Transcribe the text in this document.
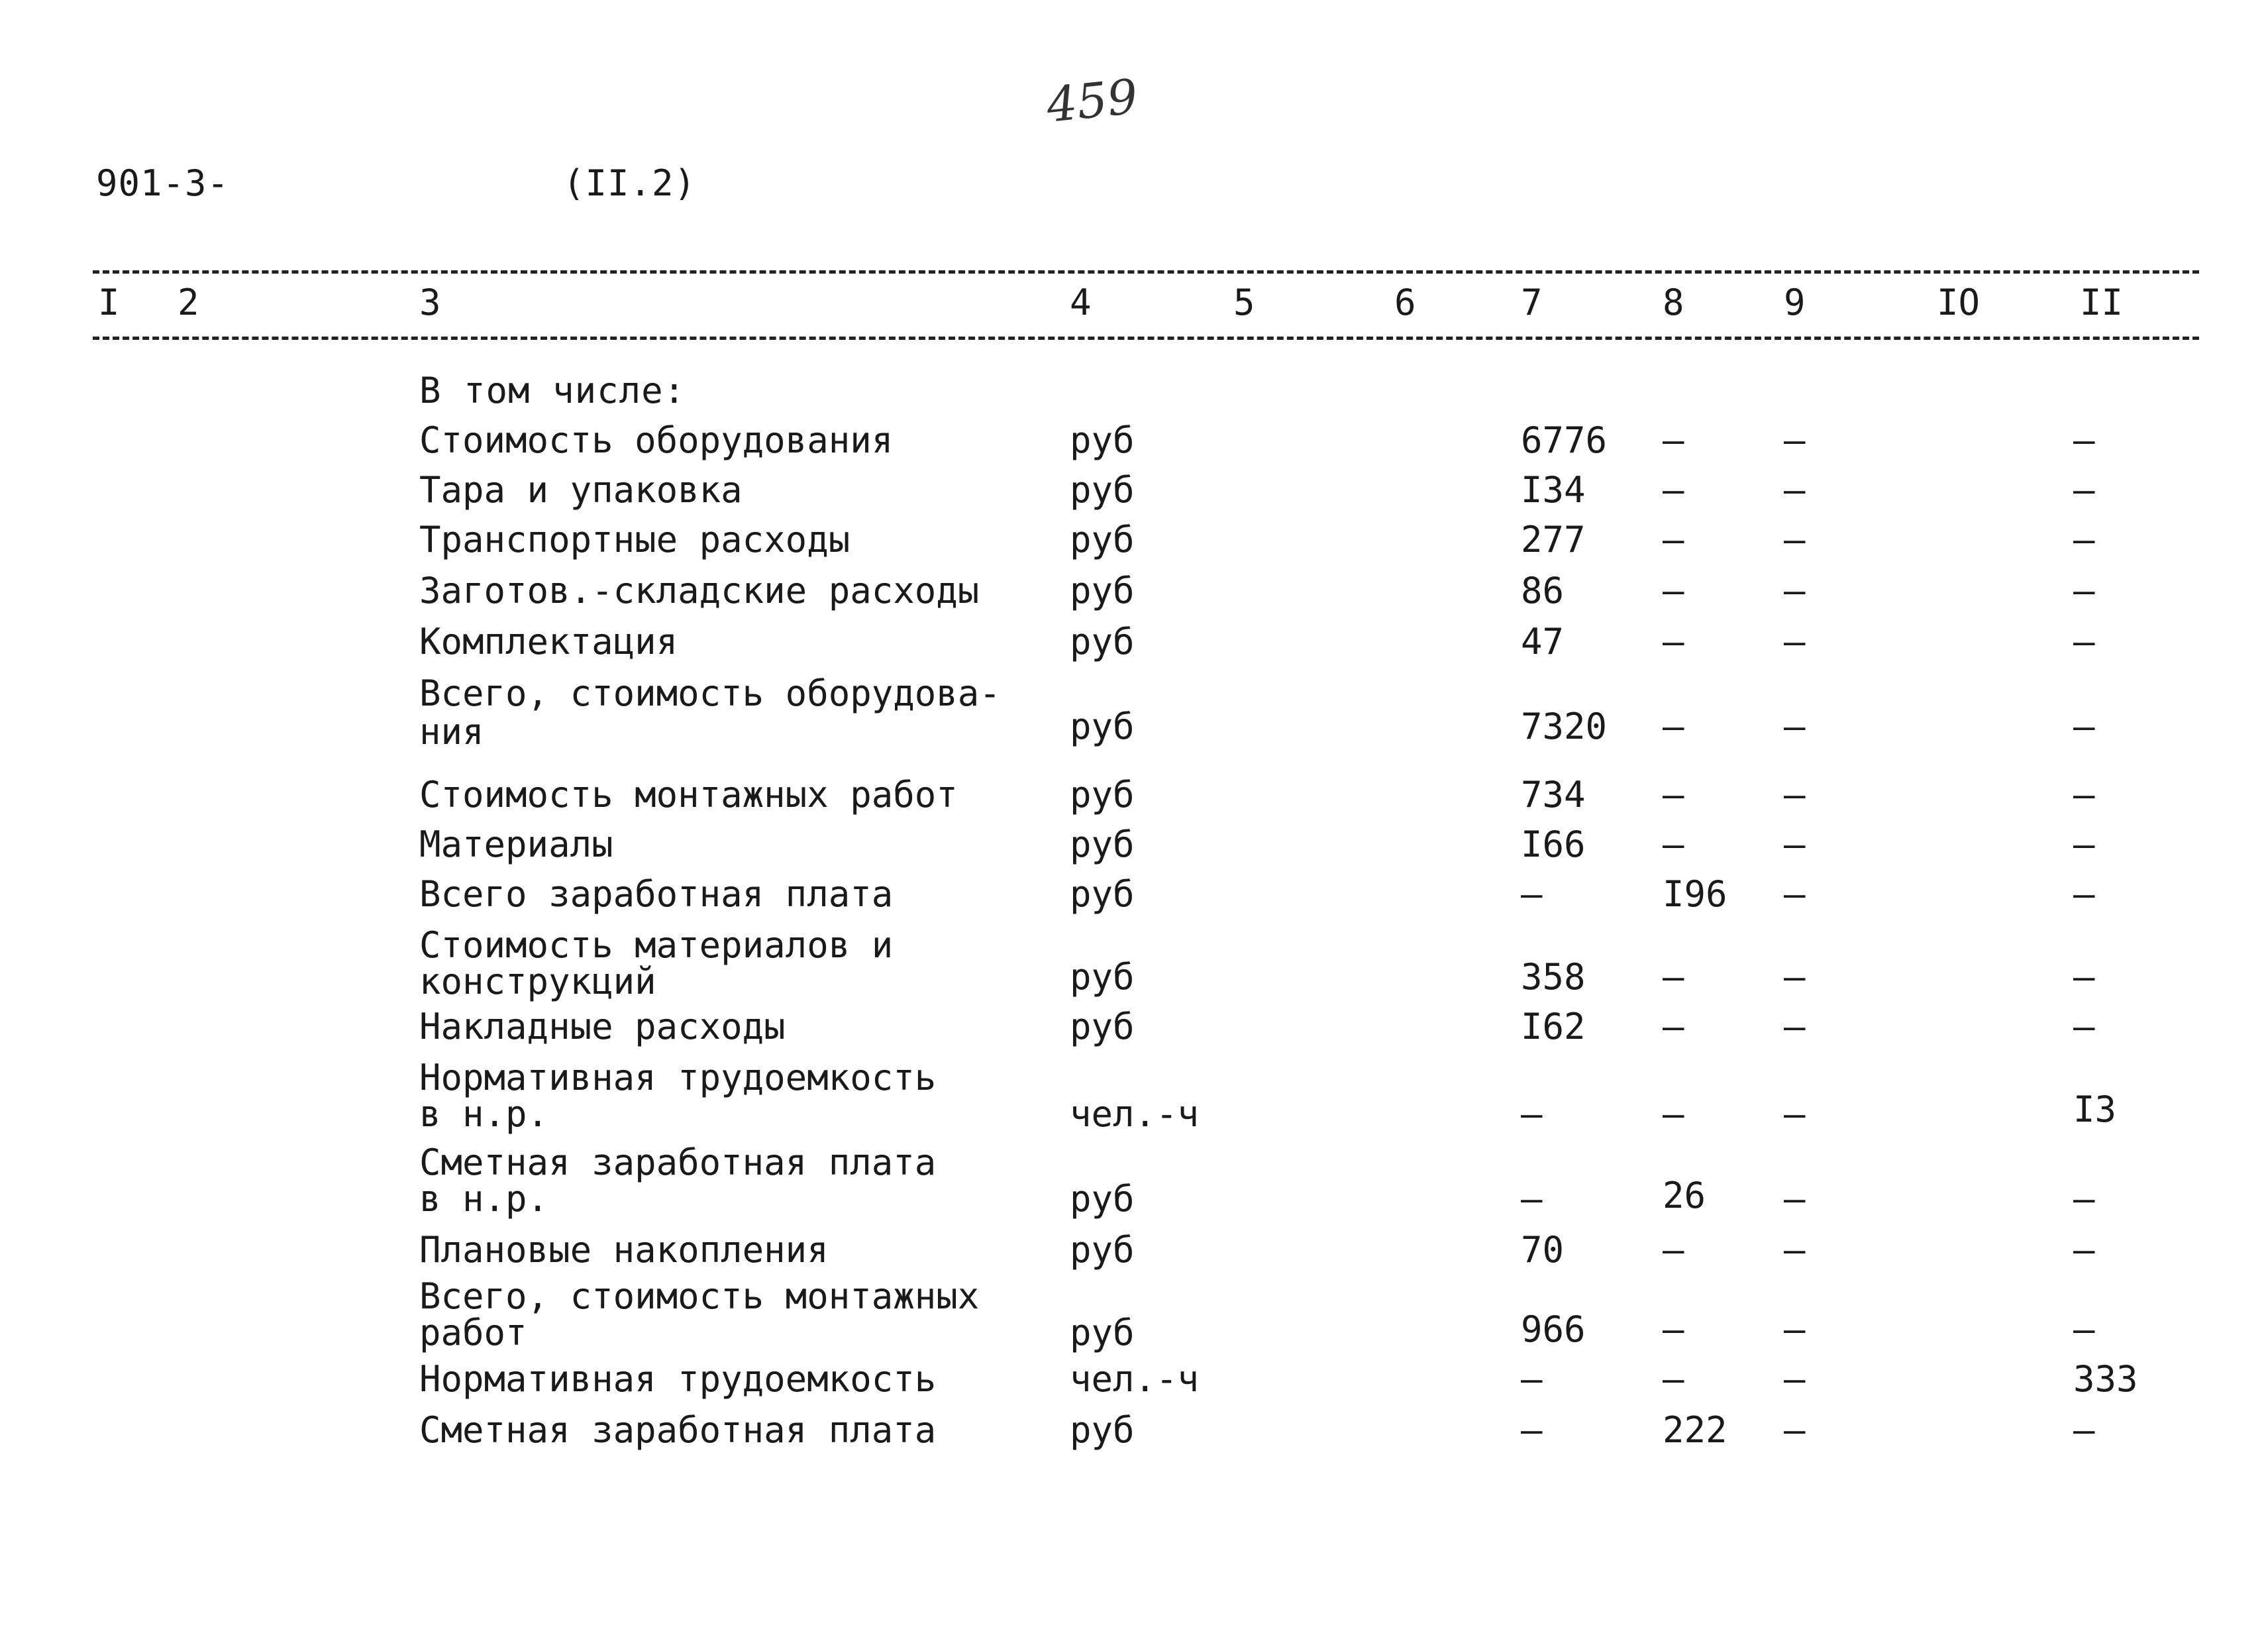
459
901-3-	(II.2)
I 2	3	4	5	6	7	8	9	IO	II
В том числе:
Стоимость оборудования	руб	6776 –	–	–
Тара и упаковка	руб	I34 –	–	–
Транспортные расходы	руб	277 –	–	–
Заготов.-складские расходы	руб	86	–	–	–
Комплектация	руб	47	–	–	–
Всего, стоимость оборудова-
ния	руб	7320 –	–	–
Стоимость монтажных работ	руб	734 –	–	–
Материалы	руб	I66 –	–	–
Всего заработная плата	руб	–	I96 –	–
Стоимость материалов и
конструкций	руб	358 –	–	–
Накладные расходы	руб	I62 –	–	–
Нормативная трудоемкость
в н.р.	чел.-ч	–	–	–	I3
Сметная заработная плата
в н.р.	руб	–	26 –	–
Плановые накопления	руб	70	–	–	–
Всего, стоимость монтажных
работ	руб	966 –	–	–
Нормативная трудоемкость	чел.-ч	–	–	–	333
Сметная заработная плата	руб	–	222 –	–
